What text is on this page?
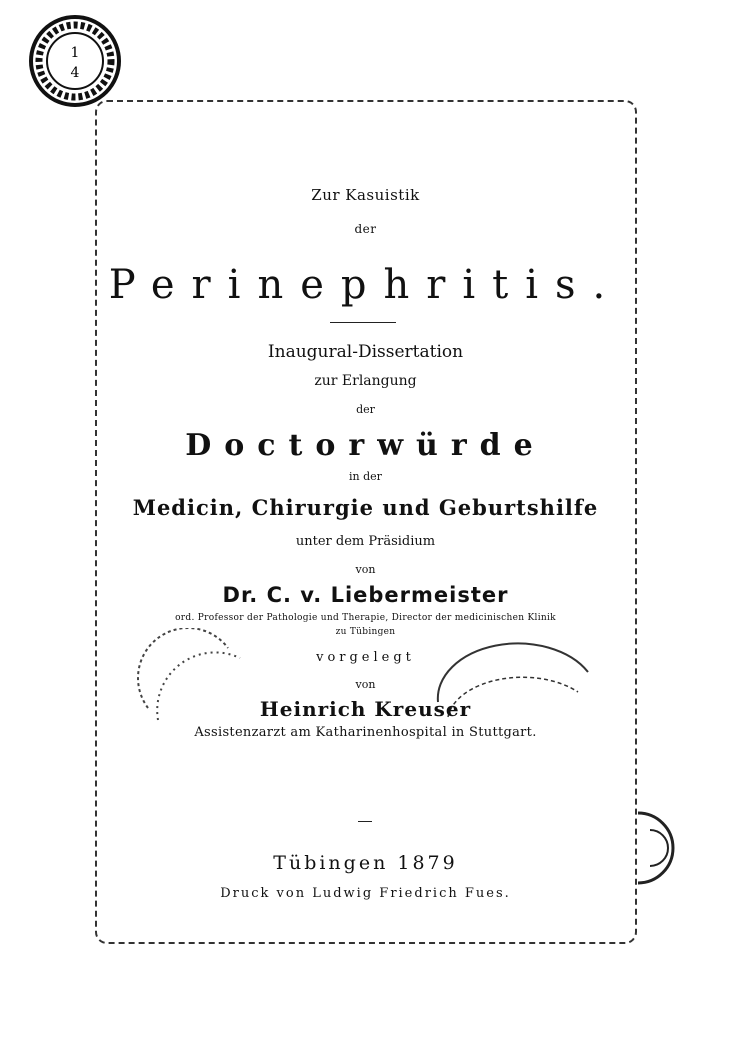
1
4
Zur Kasuistik
der
Perinephritis.
Inaugural-Dissertation
zur Erlangung
der
Doctorwürde
in der
Medicin, Chirurgie und Geburtshilfe
unter dem Präsidium
von
Dr. C. v. Liebermeister
ord. Professor der Pathologie und Therapie, Director der medicinischen Klinik
zu Tübingen
vorgelegt
von
Heinrich Kreuser
Assistenzarzt am Katharinenhospital in Stuttgart.
Tübingen 1879
Druck von Ludwig Friedrich Fues.
